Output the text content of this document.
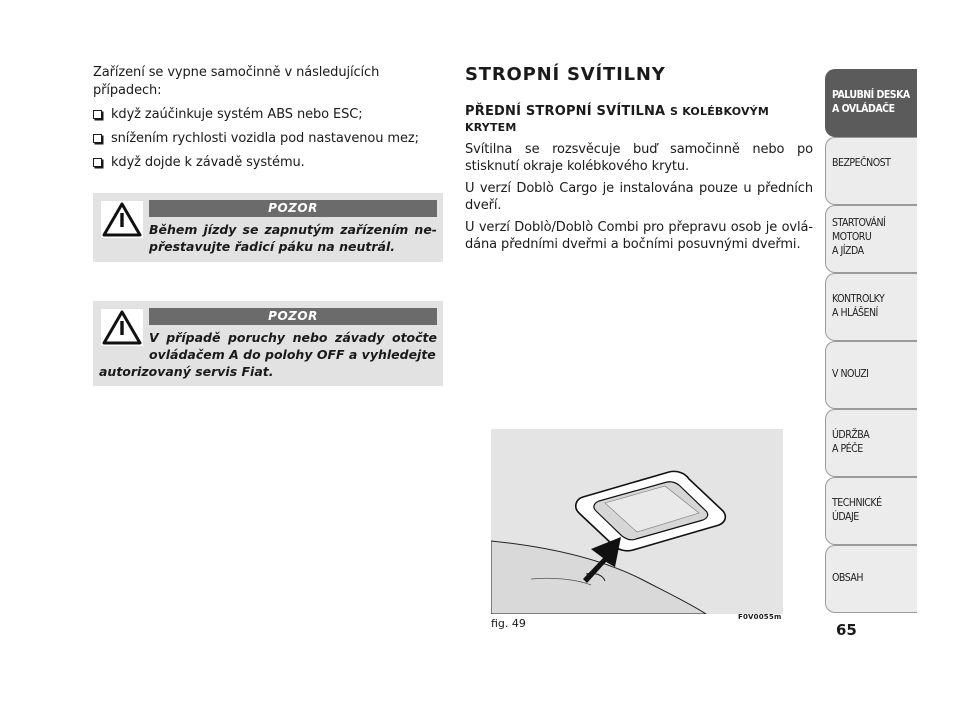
Zařízení se vypne samočinně v následujících případech:

když zaúčinkuje systém ABS nebo ESC;
snížením rychlosti vozidla pod nastavenou mez;
když dojde k závadě systému.
POZOR
Během jízdy se zapnutým zařízením ne-přestavujte řadicí páku na neutrál.
POZOR
V případě poruchy nebo závady otočte ovládačem A do polohy OFF a vyhledejte
autorizovaný servis Fiat.
STROPNÍ SVÍTILNY
PŘEDNÍ STROPNÍ SVÍTILNA S KOLÉBKOVÝM KRYTEM

Svítilna se rozsvěcuje buď samočinně nebo po stisknutí okraje kolébkového krytu.

U verzí Doblò Cargo je instalována pouze u předních dveří.

U verzí Doblò/Doblò Combi pro přepravu osob je ovlá-dána předními dveřmi a bočními posuvnými dveřmi.

fig. 49	F0V0055m
PALUBNÍ DESKA
A OVLÁDAČE
BEZPEČNOST
STARTOVÁNÍ
MOTORU
A JÍZDA
KONTROLKY
A HLÁŠENÍ
V NOUZI
ÚDRŽBA
A PÉČE
TECHNICKÉ
ÚDAJE
OBSAH
65
